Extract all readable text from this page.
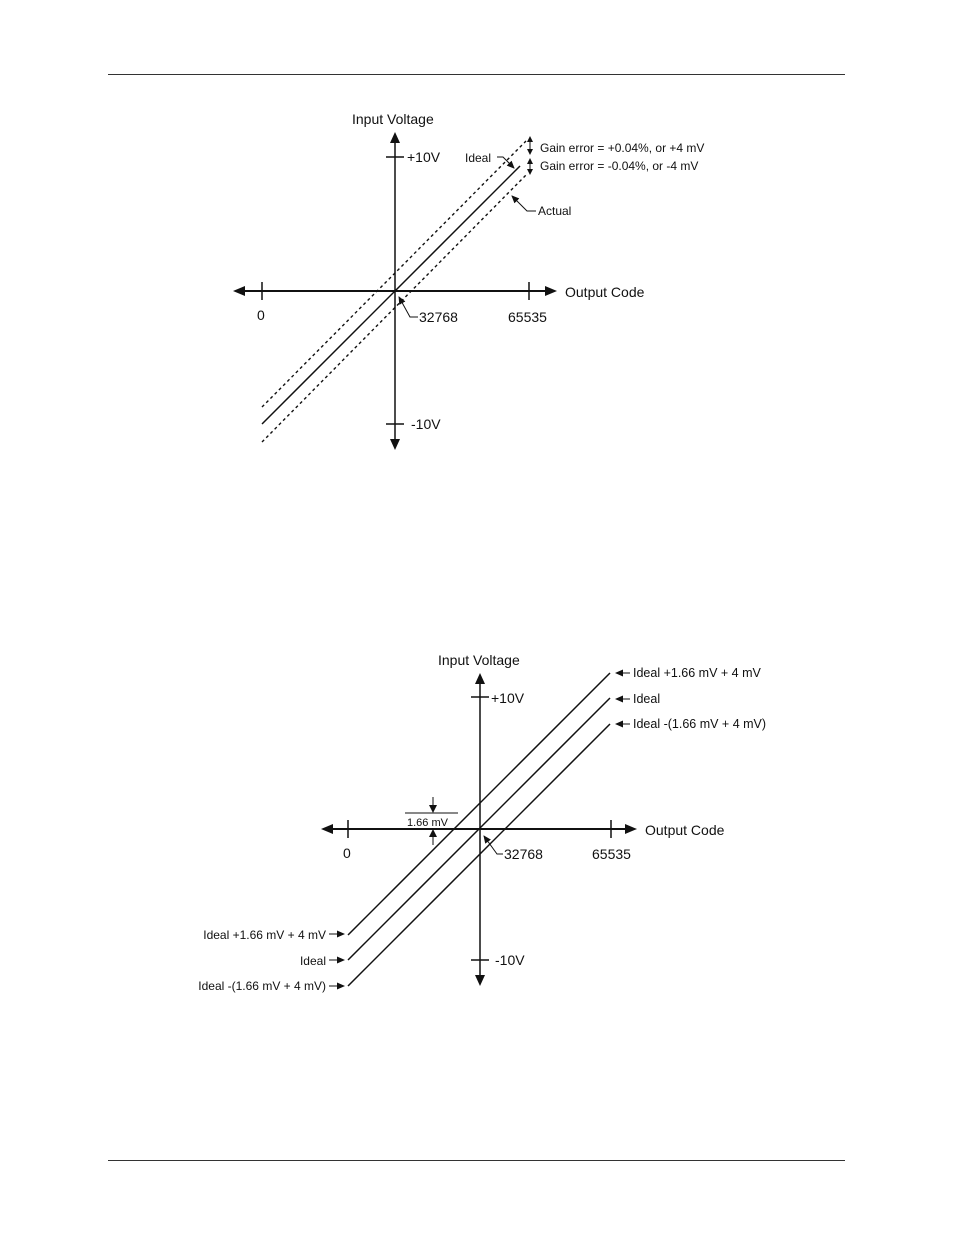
Input Voltage
Output Code
+10V
-10V
0	32768	65535
Ideal
Actual
Gain error = +0.04%, or +4 mV
Gain error = -0.04%, or -4 mV
Input Voltage
Output Code
+10V
-10V
0	32768	65535
1.66 mV
Ideal +1.66 mV + 4 mV
Ideal
Ideal -(1.66 mV + 4 mV)
Ideal +1.66 mV + 4 mV
Ideal
Ideal -(1.66 mV + 4 mV)
